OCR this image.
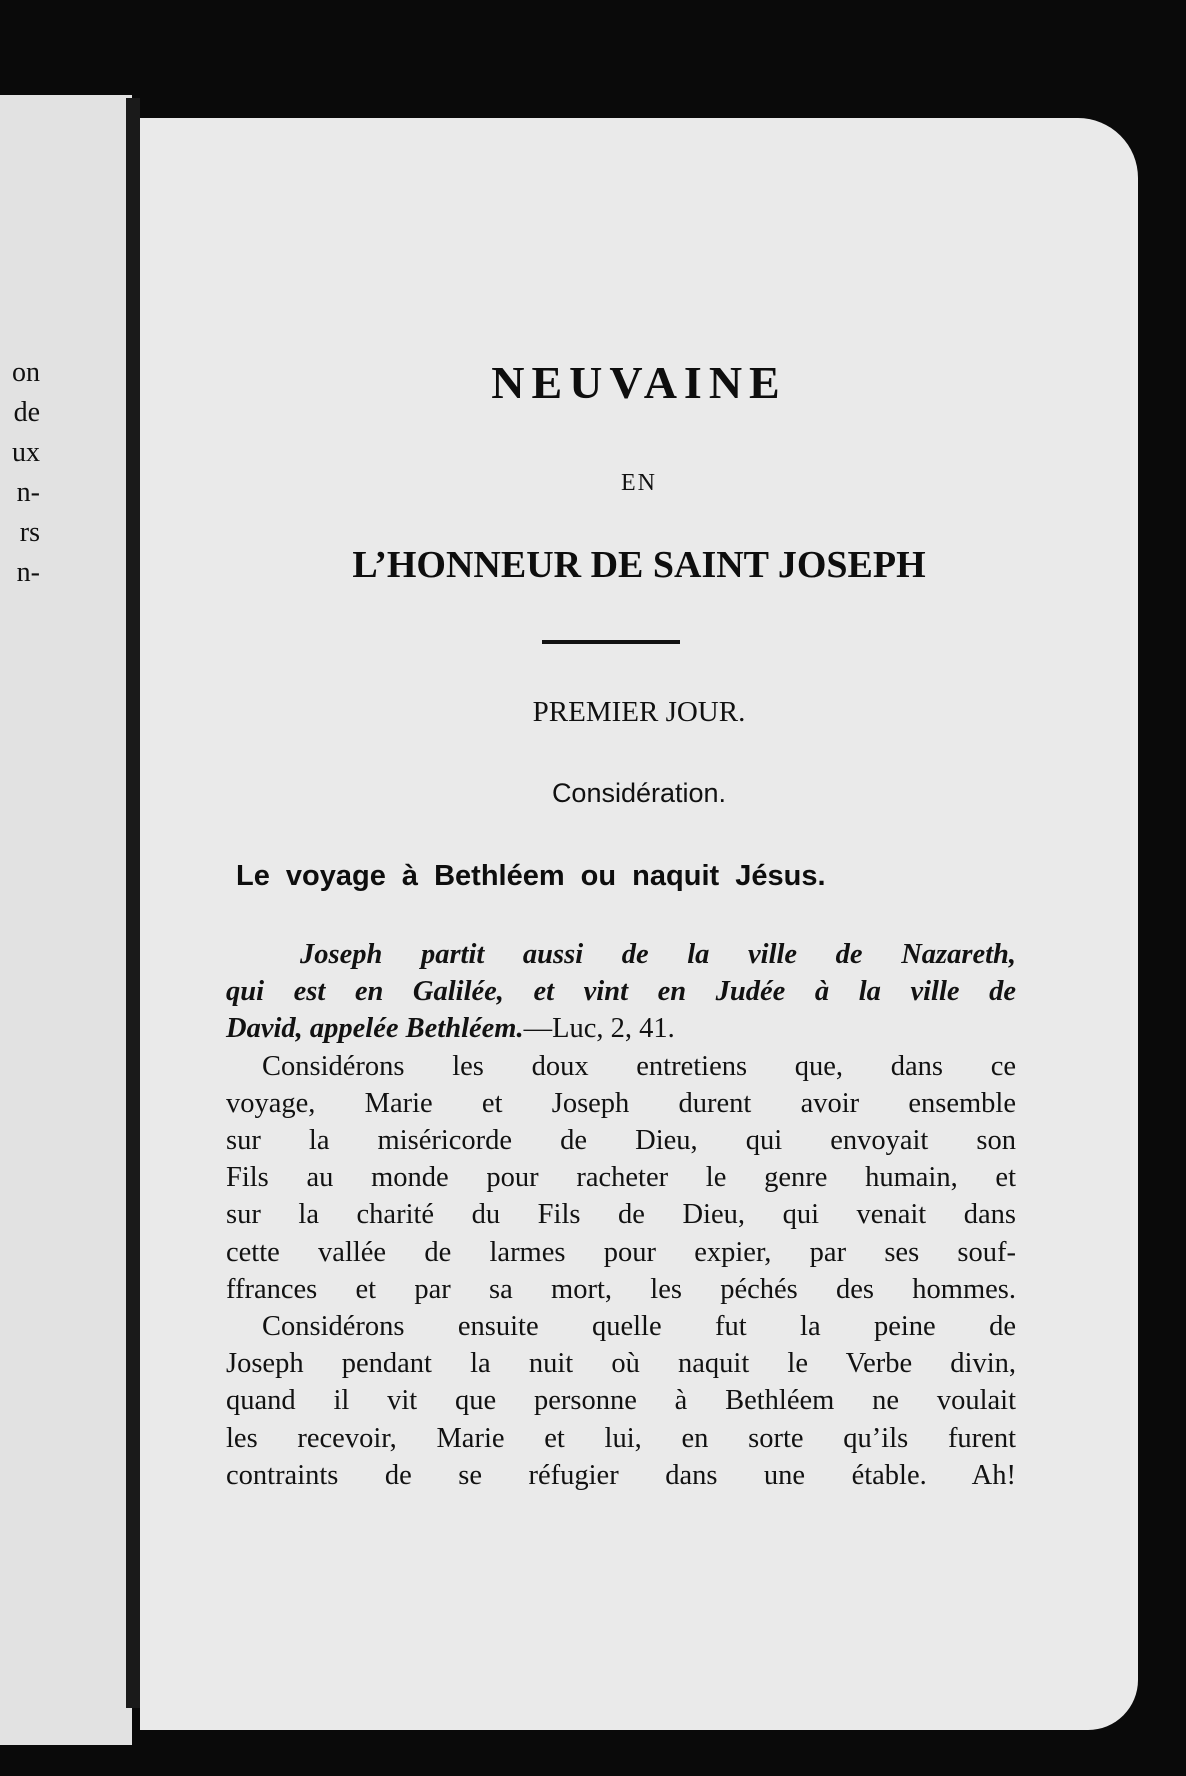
on
de
ux
n-
rs
n-
NEUVAINE
EN
L’HONNEUR DE SAINT JOSEPH
PREMIER JOUR.
Considération.
Le voyage à Bethléem ou naquit Jésus.
Joseph partit aussi de la ville de Nazareth,
qui est en Galilée, et vint en Judée à la ville de
David, appelée Bethléem.—Luc, 2, 41.
Considérons les doux entretiens que, dans ce
voyage, Marie et Joseph durent avoir ensemble
sur la miséricorde de Dieu, qui envoyait son
Fils au monde pour racheter le genre humain, et
sur la charité du Fils de Dieu, qui venait dans
cette vallée de larmes pour expier, par ses souf-
ffrances et par sa mort, les péchés des hommes.
Considérons ensuite quelle fut la peine de
Joseph pendant la nuit où naquit le Verbe divin,
quand il vit que personne à Bethléem ne voulait
les recevoir, Marie et lui, en sorte qu’ils furent
contraints de se réfugier dans une étable. Ah!
